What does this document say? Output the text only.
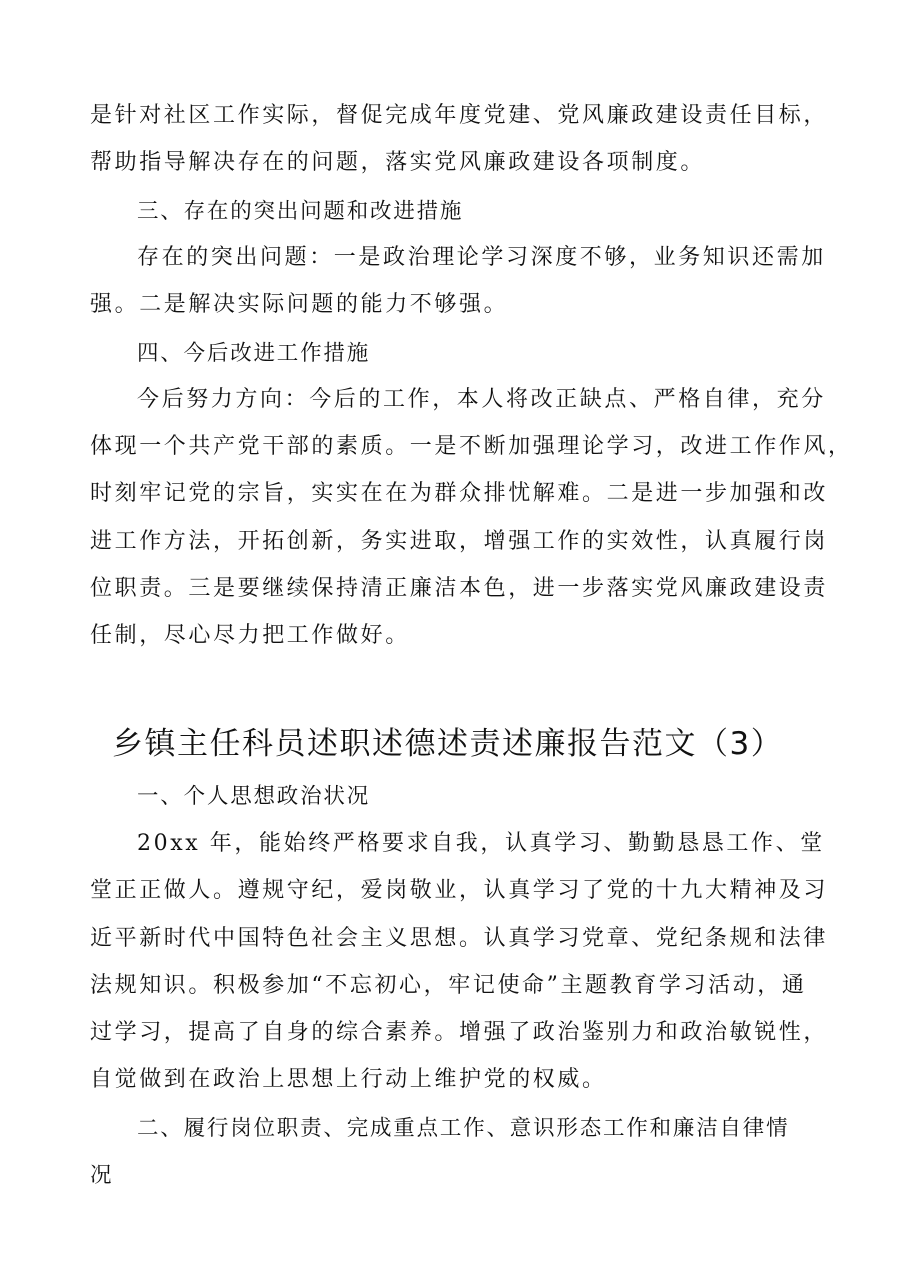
是针对社区工作实际，督促完成年度党建、党风廉政建设责任目标，
帮助指导解决存在的问题，落实党风廉政建设各项制度。
三、存在的突出问题和改进措施
存在的突出问题：一是政治理论学习深度不够，业务知识还需加
强。二是解决实际问题的能力不够强。
四、今后改进工作措施
今后努力方向：今后的工作，本人将改正缺点、严格自律，充分
体现一个共产党干部的素质。一是不断加强理论学习，改进工作作风，
时刻牢记党的宗旨，实实在在为群众排忧解难。二是进一步加强和改
进工作方法，开拓创新，务实进取，增强工作的实效性，认真履行岗
位职责。三是要继续保持清正廉洁本色，进一步落实党风廉政建设责
任制，尽心尽力把工作做好。
乡镇主任科员述职述德述责述廉报告范文（3）
一、个人思想政治状况
20xx 年，能始终严格要求自我，认真学习、勤勤恳恳工作、堂
堂正正做人。遵规守纪，爱岗敬业，认真学习了党的十九大精神及习
近平新时代中国特色社会主义思想。认真学习党章、党纪条规和法律
法规知识。积极参加“不忘初心，牢记使命”主题教育学习活动，通
过学习，提高了自身的综合素养。增强了政治鉴别力和政治敏锐性，
自觉做到在政治上思想上行动上维护党的权威。
二、履行岗位职责、完成重点工作、意识形态工作和廉洁自律情
况
